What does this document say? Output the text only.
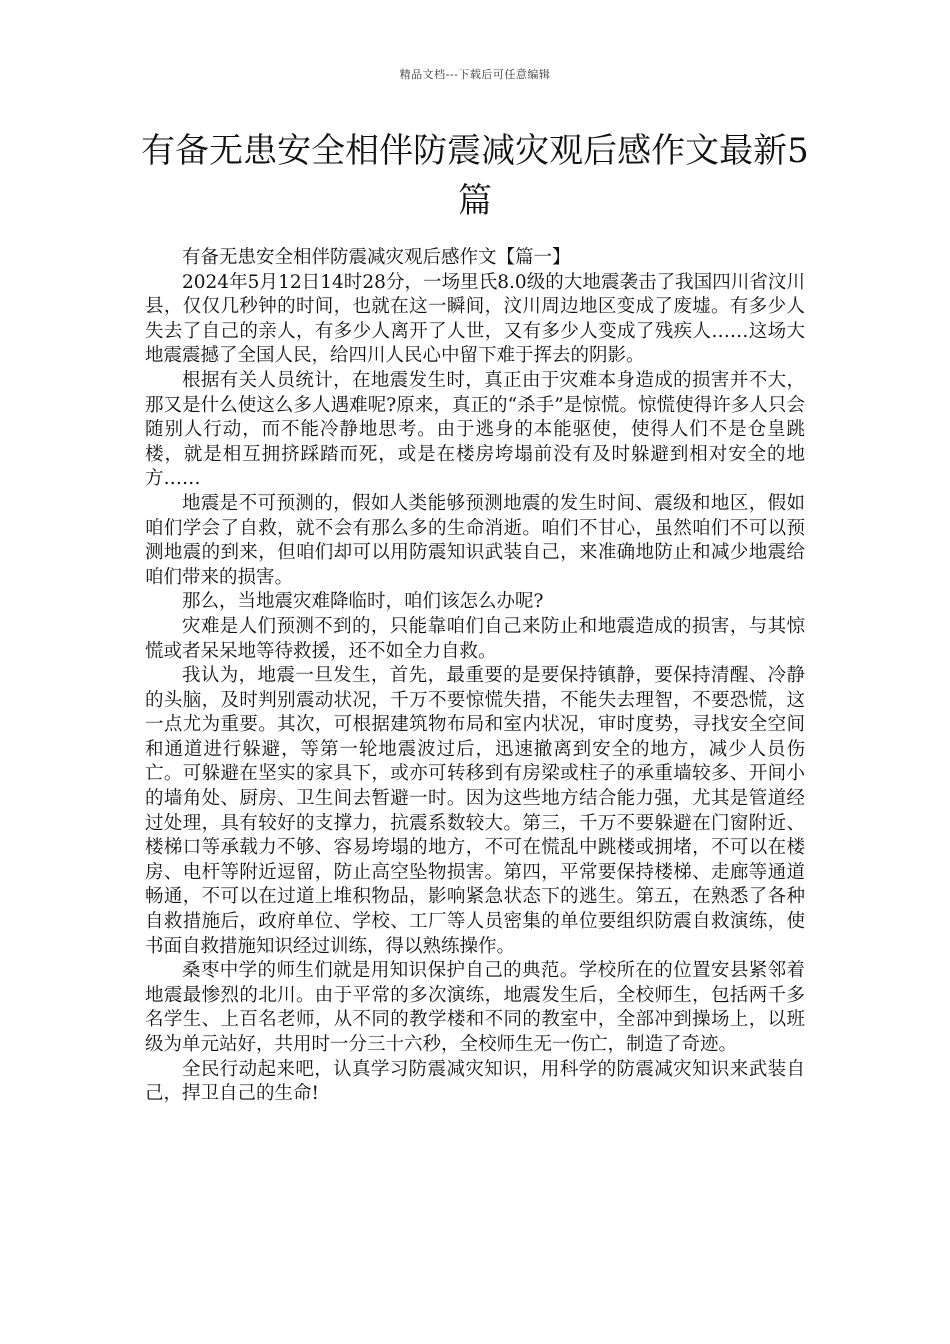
精品文档---下载后可任意编辑
有备无患安全相伴防震减灾观后感作文最新5篇

有备无患安全相伴防震减灾观后感作文【篇一】

2024年5月12日14时28分，一场里氏8.0级的大地震袭击了我国四川省汶川县，仅仅几秒钟的时间，也就在这一瞬间，汶川周边地区变成了废墟。有多少人失去了自己的亲人，有多少人离开了人世，又有多少人变成了残疾人……这场大地震震撼了全国人民，给四川人民心中留下难于挥去的阴影。

根据有关人员统计，在地震发生时，真正由于灾难本身造成的损害并不大，那又是什么使这么多人遇难呢?原来，真正的“杀手”是惊慌。惊慌使得许多人只会随别人行动，而不能冷静地思考。由于逃身的本能驱使，使得人们不是仓皇跳楼，就是相互拥挤踩踏而死，或是在楼房垮塌前没有及时躲避到相对安全的地方……

地震是不可预测的，假如人类能够预测地震的发生时间、震级和地区，假如咱们学会了自救，就不会有那么多的生命消逝。咱们不甘心，虽然咱们不可以预测地震的到来，但咱们却可以用防震知识武装自己，来准确地防止和减少地震给咱们带来的损害。

那么，当地震灾难降临时，咱们该怎么办呢?

灾难是人们预测不到的，只能靠咱们自己来防止和地震造成的损害，与其惊慌或者呆呆地等待救援，还不如全力自救。

我认为，地震一旦发生，首先，最重要的是要保持镇静，要保持清醒、冷静的头脑，及时判别震动状况，千万不要惊慌失措，不能失去理智，不要恐慌，这一点尤为重要。其次，可根据建筑物布局和室内状况，审时度势，寻找安全空间和通道进行躲避，等第一轮地震波过后，迅速撤离到安全的地方，减少人员伤亡。可躲避在坚实的家具下，或亦可转移到有房梁或柱子的承重墙较多、开间小的墙角处、厨房、卫生间去暂避一时。因为这些地方结合能力强，尤其是管道经过处理，具有较好的支撑力，抗震系数较大。第三，千万不要躲避在门窗附近、楼梯口等承载力不够、容易垮塌的地方，不可在慌乱中跳楼或拥堵，不可以在楼房、电杆等附近逗留，防止高空坠物损害。第四，平常要保持楼梯、走廊等通道畅通，不可以在过道上堆积物品，影响紧急状态下的逃生。第五，在熟悉了各种自救措施后，政府单位、学校、工厂等人员密集的单位要组织防震自救演练，使书面自救措施知识经过训练，得以熟练操作。

桑枣中学的师生们就是用知识保护自己的典范。学校所在的位置安县紧邻着地震最惨烈的北川。由于平常的多次演练，地震发生后，全校师生，包括两千多名学生、上百名老师，从不同的教学楼和不同的教室中，全部冲到操场上，以班级为单元站好，共用时一分三十六秒，全校师生无一伤亡，制造了奇迹。

全民行动起来吧，认真学习防震减灾知识，用科学的防震减灾知识来武装自己，捍卫自己的生命!
